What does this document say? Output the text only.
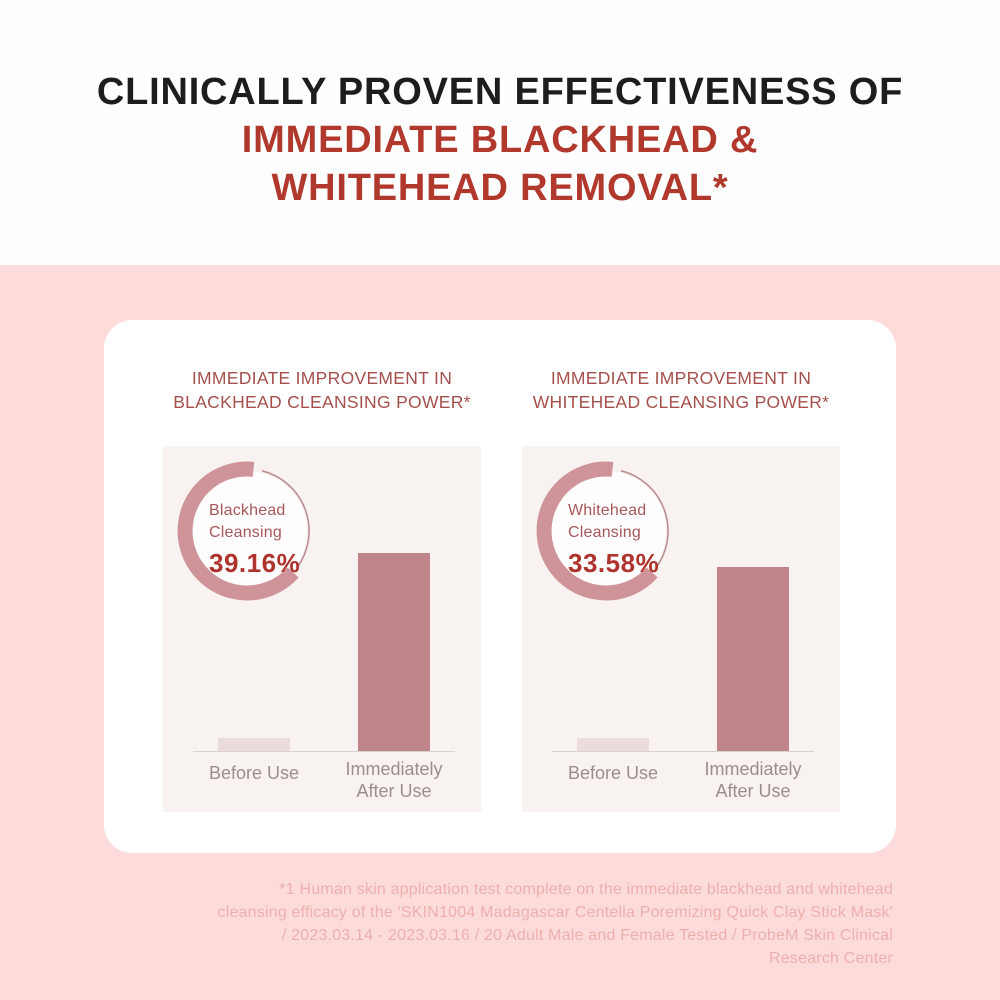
CLINICALLY PROVEN EFFECTIVENESS OF
IMMEDIATE BLACKHEAD &
WHITEHEAD REMOVAL*
IMMEDIATE IMPROVEMENT IN
BLACKHEAD CLEANSING POWER*
Blackhead
Cleansing
39.16%
Before Use	Immediately After Use
IMMEDIATE IMPROVEMENT IN
WHITEHEAD CLEANSING POWER*
Whitehead
Cleansing
33.58%
Before Use	Immediately After Use
*1 Human skin application test complete on the immediate blackhead and whitehead
cleansing efficacy of the 'SKIN1004 Madagascar Centella Poremizing Quick Clay Stick Mask'
/ 2023.03.14 - 2023.03.16 / 20 Adult Male and Female Tested / ProbeM Skin Clinical
Research Center
